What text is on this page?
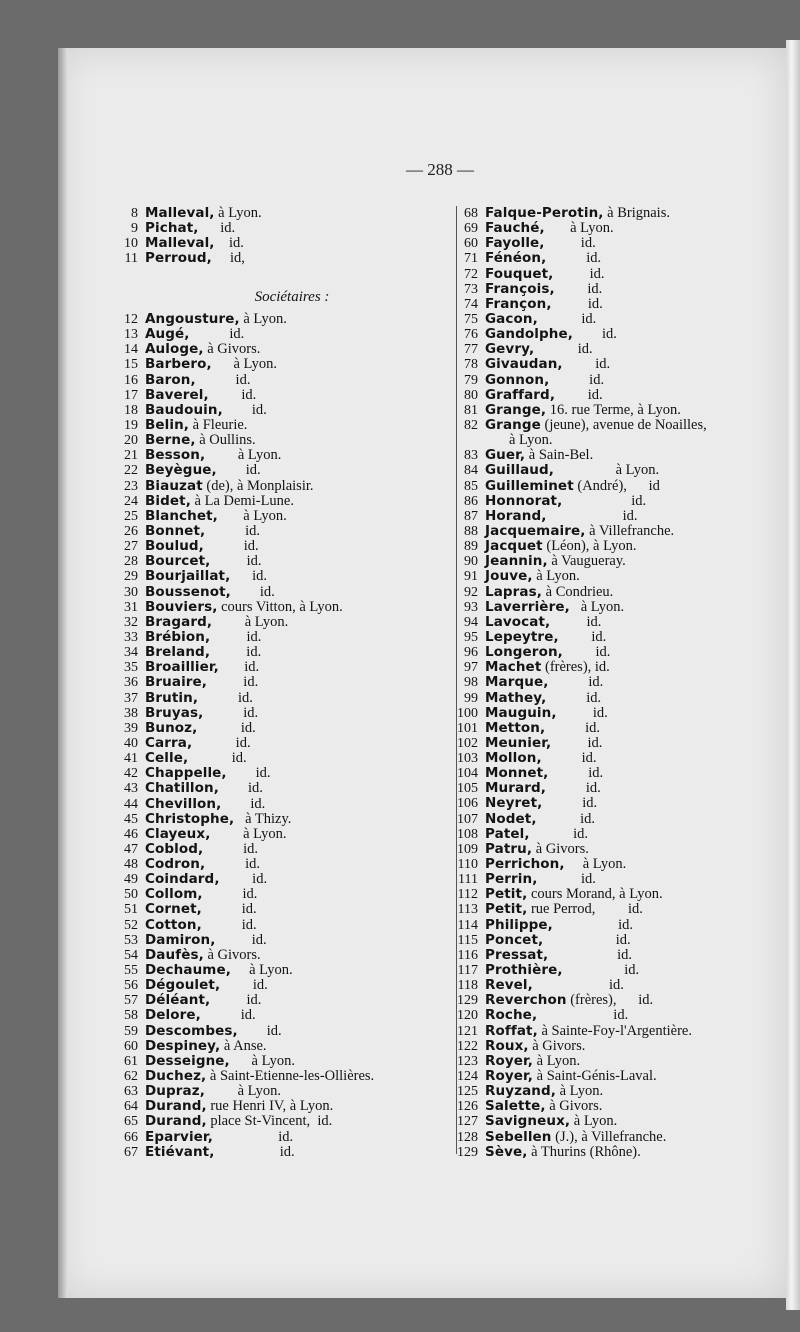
— 288 —
8 Malleval, à Lyon.
9 Pichat, id.
10 Malleval, id.
11 Perroud, id,
Sociétaires :
12 Angousture, à Lyon.
13 Augé, id.
14 Auloge, à Givors.
15 Barbero, à Lyon.
16 Baron, id.
17 Baverel, id.
18 Baudouin, id.
19 Belin, à Fleurie.
20 Berne, à Oullins.
21 Besson, à Lyon.
22 Beyègue, id.
23 Biauzat (de), à Monplaisir.
24 Bidet, à La Demi-Lune.
25 Blanchet, à Lyon.
26 Bonnet, id.
27 Boulud, id.
28 Bourcet, id.
29 Bourjaillat, id.
30 Boussenot, id.
31 Bouviers, cours Vitton, à Lyon.
32 Bragard, à Lyon.
33 Brébion, id.
34 Breland, id.
35 Broaillier, id.
36 Bruaire, id.
37 Brutin, id.
38 Bruyas, id.
39 Bunoz, id.
40 Carra, id.
41 Celle, id.
42 Chappelle, id.
43 Chatillon, id.
44 Chevillon, id.
45 Christophe, à Thizy.
46 Clayeux, à Lyon.
47 Coblod, id.
48 Codron, id.
49 Coindard, id.
50 Collom, id.
51 Cornet, id.
52 Cotton, id.
53 Damiron, id.
54 Daufès, à Givors.
55 Dechaume, à Lyon.
56 Dégoulet, id.
57 Déléant, id.
58 Delore, id.
59 Descombes, id.
60 Despiney, à Anse.
61 Desseigne, à Lyon.
62 Duchez, à Saint-Etienne-les-Ollières.
63 Dupraz, à Lyon.
64 Durand, rue Henri IV, à Lyon.
65 Durand, place St-Vincent,  id.
66 Eparvier, id.
67 Etiévant, id.
68 Falque-Perotin, à Brignais.
69 Fauché, à Lyon.
60 Fayolle, id.
71 Fénéon, id.
72 Fouquet, id.
73 François, id.
74 Françon, id.
75 Gacon, id.
76 Gandolphe, id.
77 Gevry, id.
78 Givaudan, id.
79 Gonnon, id.
80 Graffard, id.
81 Grange, 16. rue Terme, à Lyon.
82 Grange (jeune), avenue de Noailles,
à Lyon.
83 Guer, à Sain-Bel.
84 Guillaud, à Lyon.
85 Guilleminet (André),      id
86 Honnorat, id.
87 Horand, id.
88 Jacquemaire, à Villefranche.
89 Jacquet (Léon), à Lyon.
90 Jeannin, à Vaugueray.
91 Jouve, à Lyon.
92 Lapras, à Condrieu.
93 Laverrière, à Lyon.
94 Lavocat, id.
95 Lepeytre, id.
96 Longeron, id.
97 Machet (frères), id.
98 Marque, id.
99 Mathey, id.
100 Mauguin, id.
101 Metton, id.
102 Meunier, id.
103 Mollon, id.
104 Monnet, id.
105 Murard, id.
106 Neyret, id.
107 Nodet, id.
108 Patel, id.
109 Patru, à Givors.
110 Perrichon, à Lyon.
111 Perrin, id.
112 Petit, cours Morand, à Lyon.
113 Petit, rue Perrod,         id.
114 Philippe, id.
115 Poncet, id.
116 Pressat, id.
117 Prothière, id.
118 Revel, id.
129 Reverchon (frères),      id.
120 Roche, id.
121 Roffat, à Sainte-Foy-l'Argentière.
122 Roux, à Givors.
123 Royer, à Lyon.
124 Royer, à Saint-Génis-Laval.
125 Ruyzand, à Lyon.
126 Salette, à Givors.
127 Savigneux, à Lyon.
128 Sebellen (J.), à Villefranche.
129 Sève, à Thurins (Rhône).
